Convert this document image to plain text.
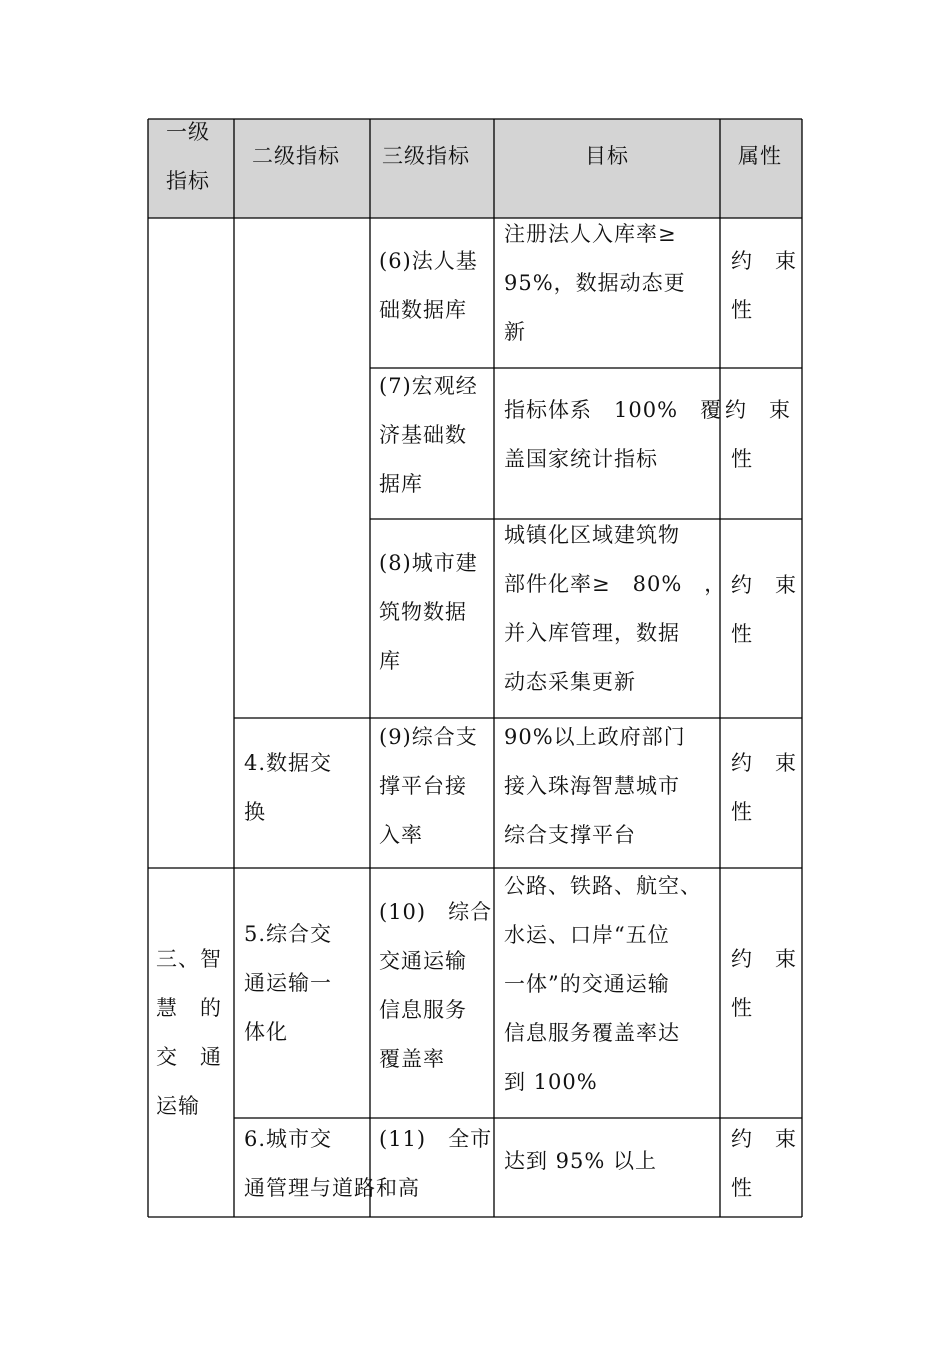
一级
指标
二级指标 三级指标	目标	属性
(6)法人基
础数据库
注册法人入库率≥
95%，数据动态更
新
约　束
性
(7)宏观经
济基础数
据库
指标体系　100%　覆
盖国家统计指标
约　束
性
(8)城市建
筑物数据
库
城镇化区域建筑物
部件化率≥　80%　，
并入库管理，数据
动态采集更新
约　束
性
4.数据交
换
(9)综合支
撑平台接
入率
90%以上政府部门
接入珠海智慧城市
综合支撑平台
约　束
性
三、智
慧　的
交　通
运输
5.综合交
通运输一
体化
(10)　综合
交通运输
信息服务
覆盖率
公路、铁路、航空、
水运、口岸“五位
一体”的交通运输
信息服务覆盖率达
到 100%
约　束
性
6.城市交
通管理与道路和高
(11)　全市
达到 95% 以上
约　束
性
